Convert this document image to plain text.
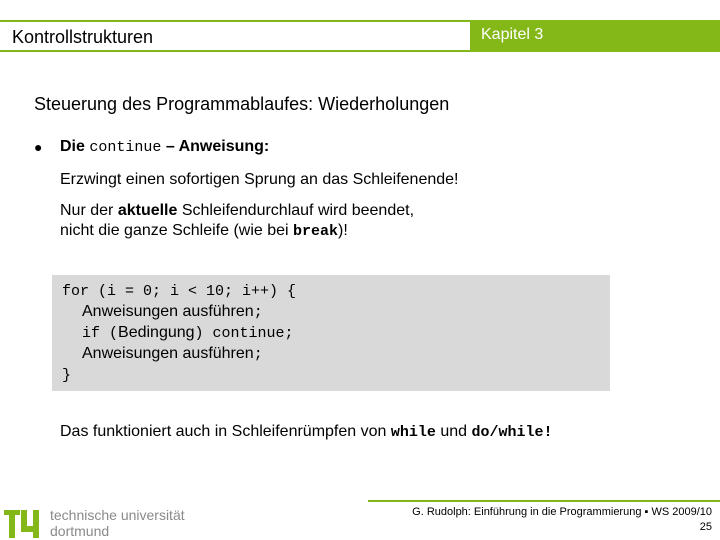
Kontrollstrukturen	Kapitel 3
Steuerung des Programmablaufes: Wiederholungen
● Die continue – Anweisung:
Erzwingt einen sofortigen Sprung an das Schleifenende!
Nur der aktuelle Schleifendurchlauf wird beendet,
nicht die ganze Schleife (wie bei break)!
for (i = 0; i < 10; i++) {
Anweisungen ausführen;
if (Bedingung) continue;
Anweisungen ausführen;
}
Das funktioniert auch in Schleifenrümpfen von while und do/while!
technische universität
dortmund
G. Rudolph: Einführung in die Programmierung ▪ WS 2009/10
25
